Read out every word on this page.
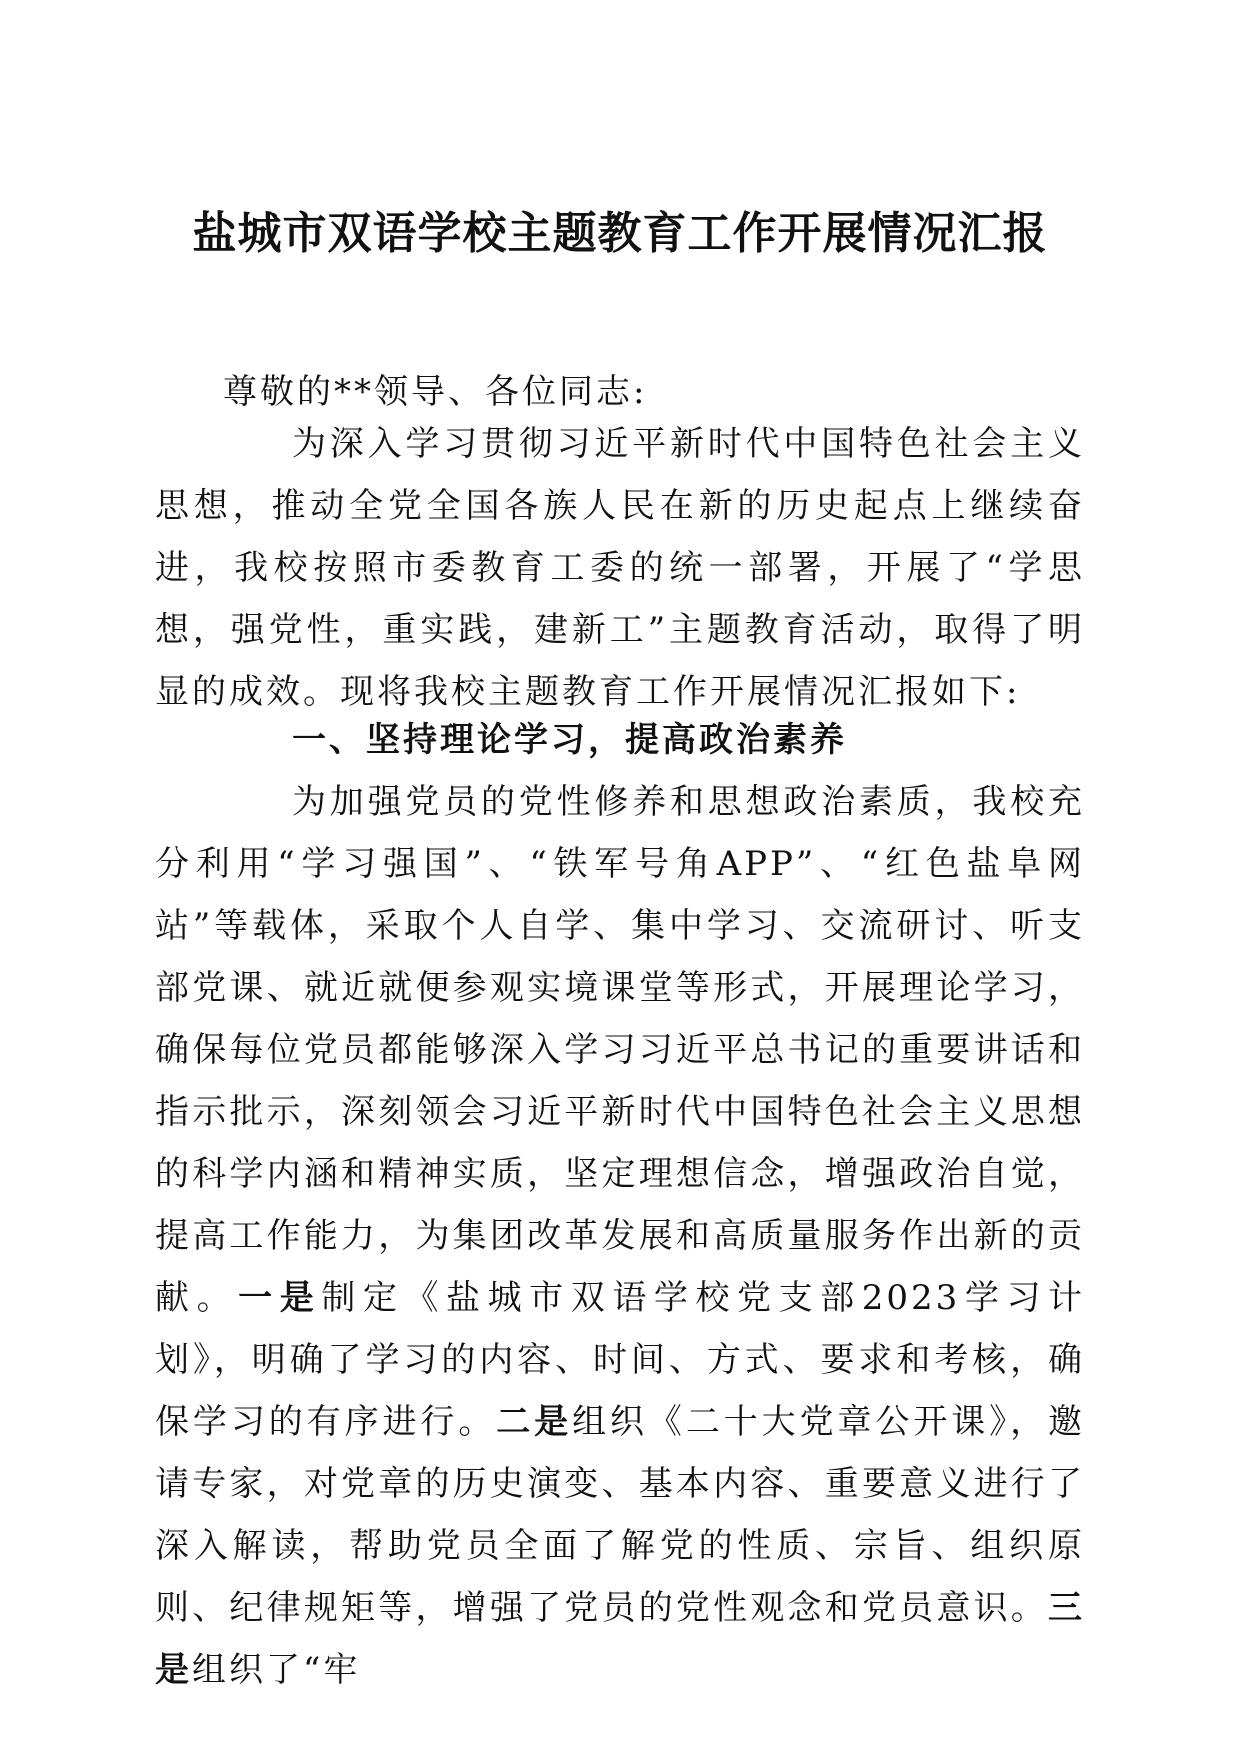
盐城市双语学校主题教育工作开展情况汇报

尊敬的**领导、各位同志:

为深入学习贯彻习近平新时代中国特色社会主义思想，推动全党全国各族人民在新的历史起点上继续奋进，我校按照市委教育工委的统一部署，开展了“学思想，强党性，重实践，建新工”主题教育活动，取得了明显的成效。现将我校主题教育工作开展情况汇报如下:

一、坚持理论学习，提高政治素养

为加强党员的党性修养和思想政治素质，我校充分利用“学习强国”、“铁军号角APP”、“红色盐阜网站”等载体，采取个人自学、集中学习、交流研讨、听支部党课、就近就便参观实境课堂等形式，开展理论学习，确保每位党员都能够深入学习习近平总书记的重要讲话和指示批示，深刻领会习近平新时代中国特色社会主义思想的科学内涵和精神实质，坚定理想信念，增强政治自觉，提高工作能力，为集团改革发展和高质量服务作出新的贡献。一是制定《盐城市双语学校党支部2023学习计划》，明确了学习的内容、时间、方式、要求和考核，确保学习的有序进行。二是组织《二十大党章公开课》，邀请专家，对党章的历史演变、基本内容、重要意义进行了深入解读，帮助党员全面了解党的性质、宗旨、组织原则、纪律规矩等，增强了党员的党性观念和党员意识。三是组织了“牢
